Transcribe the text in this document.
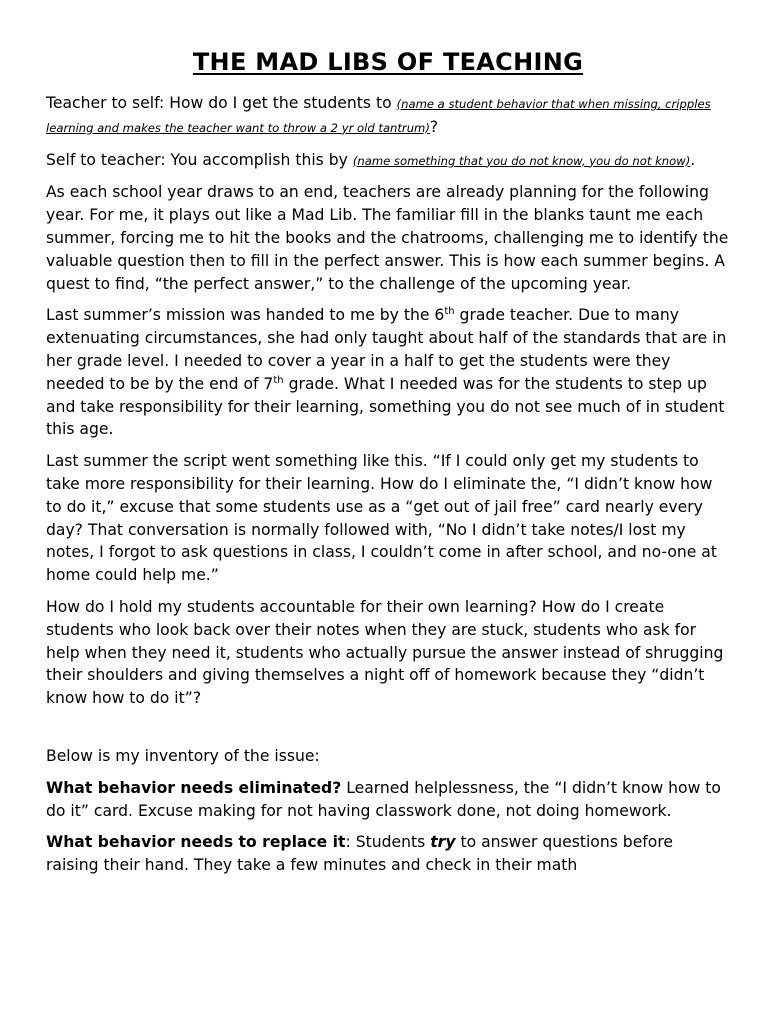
THE MAD LIBS OF TEACHING

Teacher to self: How do I get the students to (name a student behavior that when missing, cripples learning and makes the teacher want to throw a 2 yr old tantrum)?

Self to teacher: You accomplish this by (name something that you do not know, you do not know).

As each school year draws to an end, teachers are already planning for the following year. For me, it plays out like a Mad Lib. The familiar fill in the blanks taunt me each summer, forcing me to hit the books and the chatrooms, challenging me to identify the valuable question then to fill in the perfect answer. This is how each summer begins. A quest to find, “the perfect answer,” to the challenge of the upcoming year.

Last summer’s mission was handed to me by the 6th grade teacher. Due to many extenuating circumstances, she had only taught about half of the standards that are in her grade level. I needed to cover a year in a half to get the students were they needed to be by the end of 7th grade. What I needed was for the students to step up and take responsibility for their learning, something you do not see much of in student this age.

Last summer the script went something like this. “If I could only get my students to take more responsibility for their learning. How do I eliminate the, “I didn’t know how to do it,” excuse that some students use as a “get out of jail free” card nearly every day? That conversation is normally followed with, “No I didn’t take notes/I lost my notes, I forgot to ask questions in class, I couldn’t come in after school, and no-one at home could help me.”

How do I hold my students accountable for their own learning? How do I create students who look back over their notes when they are stuck, students who ask for help when they need it, students who actually pursue the answer instead of shrugging their shoulders and giving themselves a night off of homework because they “didn’t know how to do it”?

Below is my inventory of the issue:

What behavior needs eliminated? Learned helplessness, the “I didn’t know how to do it” card. Excuse making for not having classwork done, not doing homework.

What behavior needs to replace it: Students try to answer questions before raising their hand. They take a few minutes and check in their math
